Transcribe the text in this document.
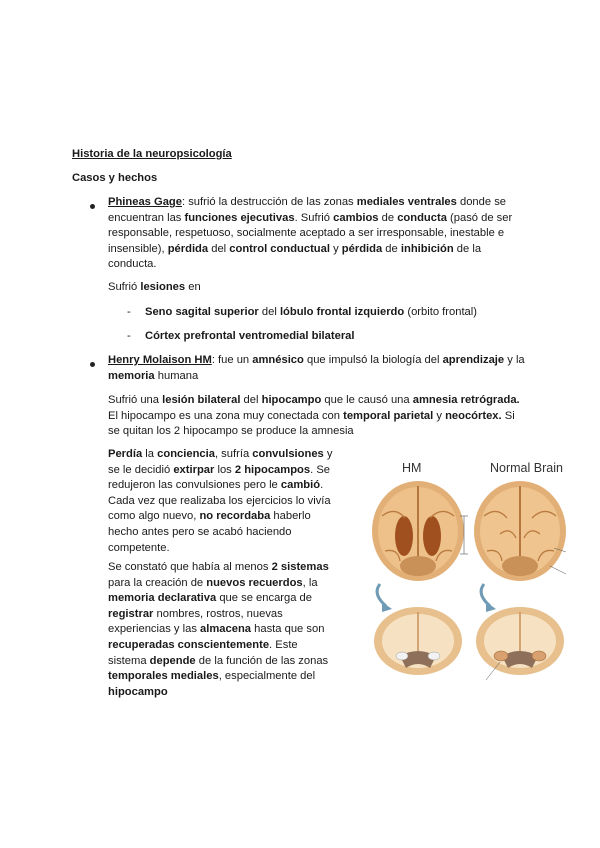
Historia de la neuropsicología
Casos y hechos

Phineas Gage: sufrió la destrucción de las zonas mediales ventrales donde se encuentran las funciones ejecutivas. Sufrió cambios de conducta (pasó de ser responsable, respetuoso, socialmente aceptado a ser irresponsable, inestable e insensible), pérdida del control conductual y pérdida de inhibición de la conducta.

Sufrió lesiones en

- Seno sagital superior del lóbulo frontal izquierdo (orbito frontal)

- Córtex prefrontal ventromedial bilateral

Henry Molaison HM: fue un amnésico que impulsó la biología del aprendizaje y la memoria humana

Sufrió una lesión bilateral del hipocampo que le causó una amnesia retrógrada. El hipocampo es una zona muy conectada con temporal parietal y neocórtex. Si se quitan los 2 hipocampo se produce la amnesia

Perdía la conciencia, sufría convulsiones y se le decidió extirpar los 2 hipocampos. Se redujeron las convulsiones pero le cambió. Cada vez que realizaba los ejercicios lo vivía como algo nuevo, no recordaba haberlo hecho antes pero se acabó haciendo competente.

Se constató que había al menos 2 sistemas para la creación de nuevos recuerdos, la memoria declarativa que se encarga de registrar nombres, rostros, nuevas experiencias y las almacena hasta que son recuperadas conscientemente. Este sistema depende de la función de las zonas temporales mediales, especialmente del hipocampo

HM	Normal Brain
